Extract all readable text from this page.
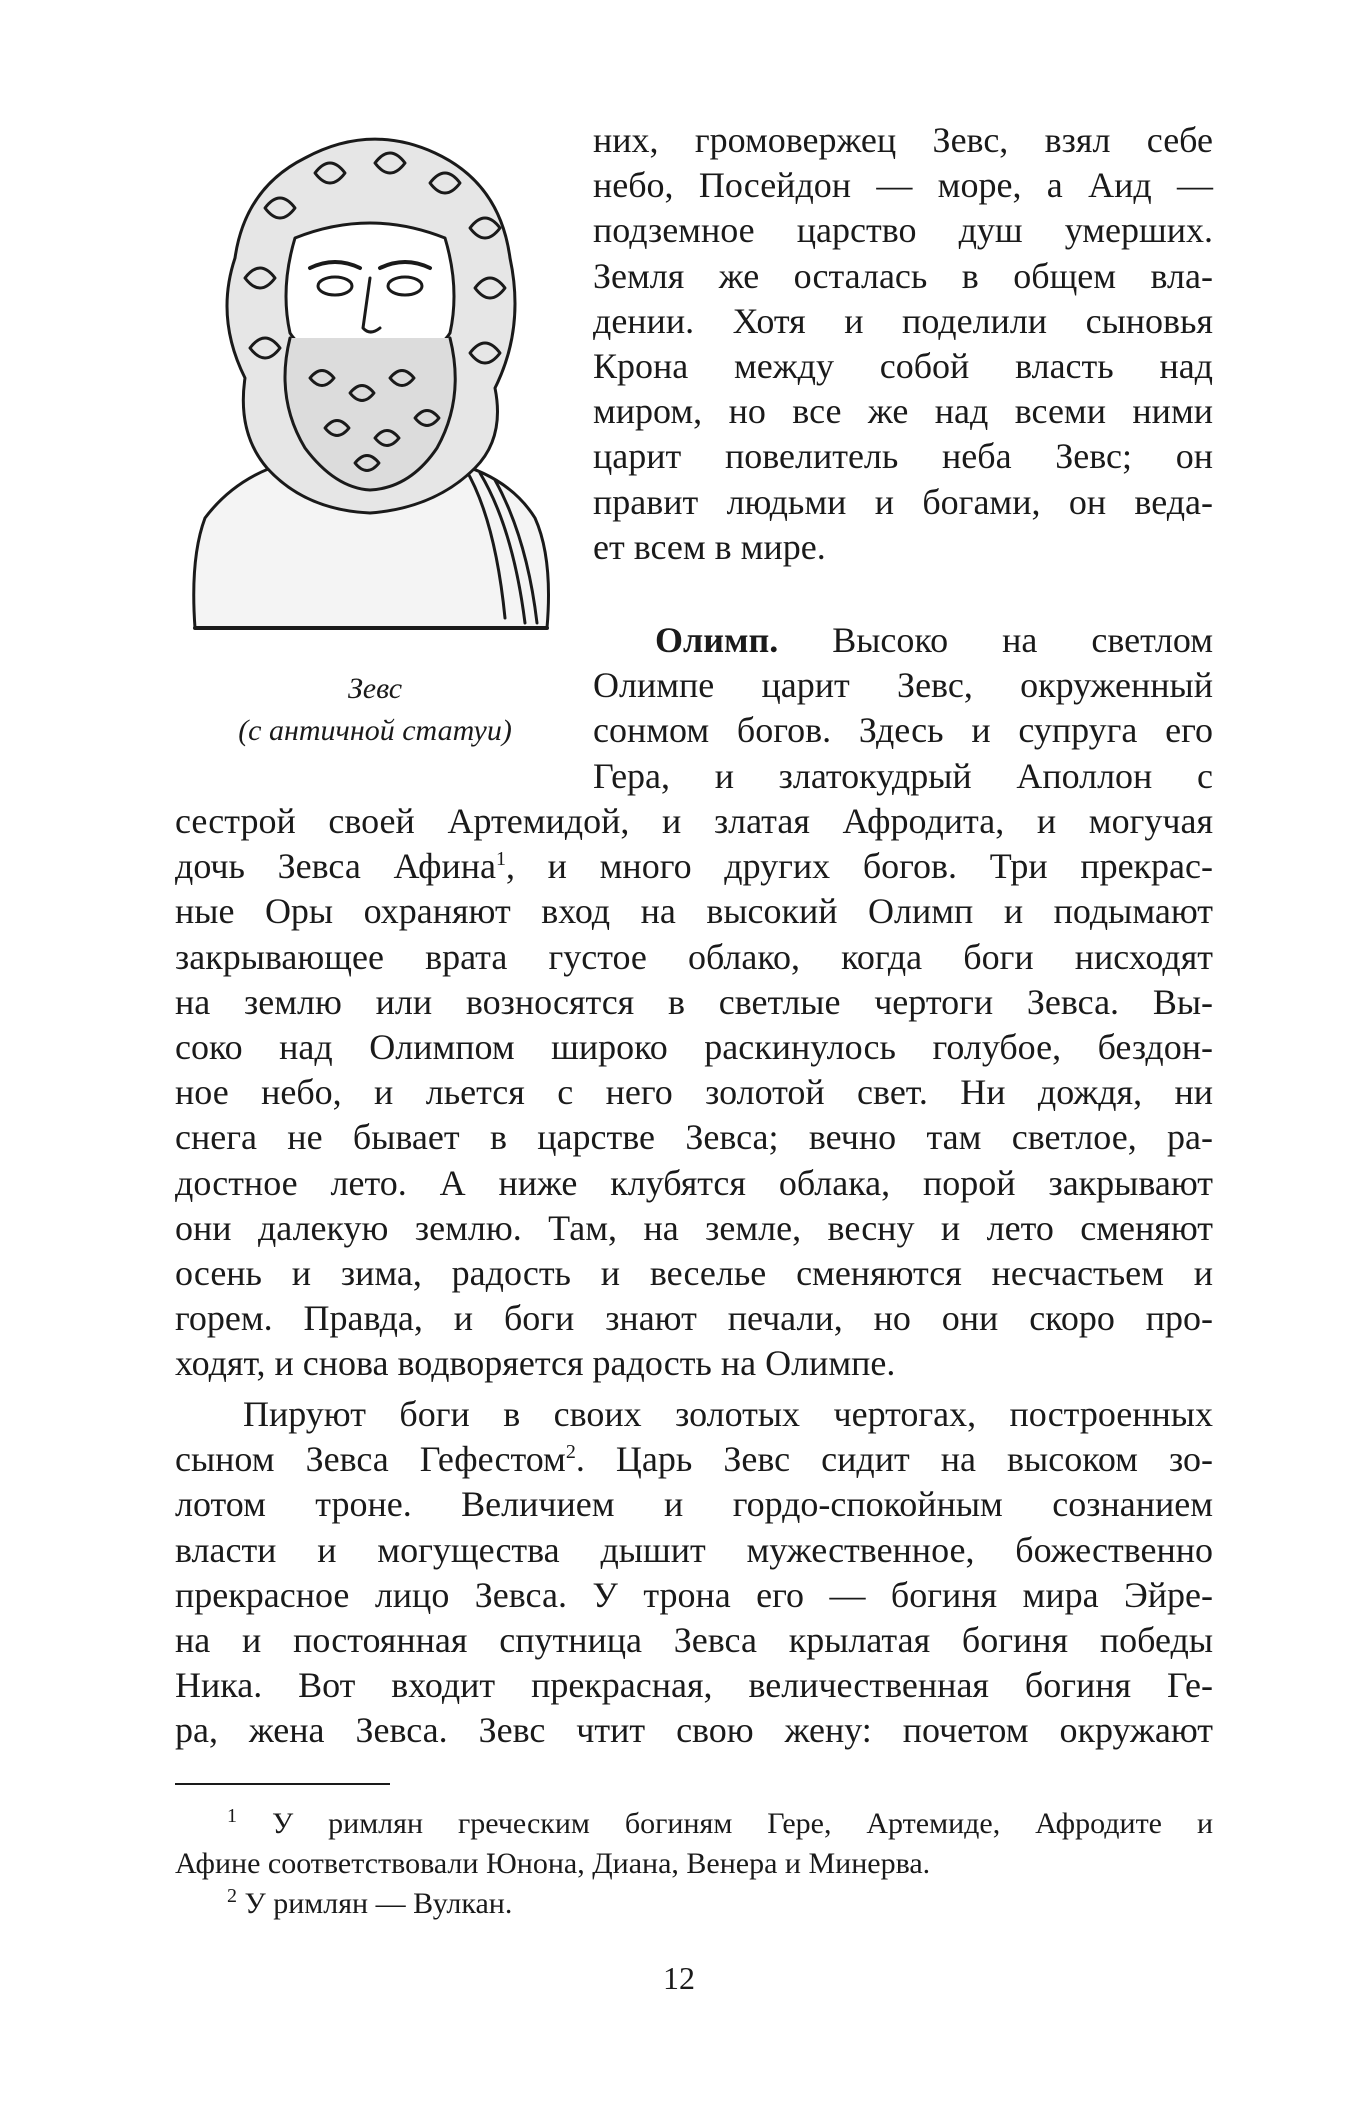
Зевс
(с античной статуи)
них, громовержец Зевс, взял себе
небо, Посейдон — море, а Аид —
подземное царство душ умерших.
Земля же осталась в общем вла-
дении. Хотя и поделили сыновья
Крона между собой власть над
миром, но все же над всеми ними
царит повелитель неба Зевс; он
правит людьми и богами, он веда-
ет всем в мире.
Олимп. Высоко на светлом
Олимпе царит Зевс, окруженный
сонмом богов. Здесь и супруга его
Гера, и златокудрый Аполлон с
сестрой своей Артемидой, и златая Афродита, и могучая
дочь Зевса Афина$^1$, и много других богов. Три прекрас-
ные Оры охраняют вход на высокий Олимп и подымают
закрывающее врата густое облако, когда боги нисходят
на землю или возносятся в светлые чертоги Зевса. Вы-
соко над Олимпом широко раскинулось голубое, бездон-
ное небо, и льется с него золотой свет. Ни дождя, ни
снега не бывает в царстве Зевса; вечно там светлое, ра-
достное лето. А ниже клубятся облака, порой закрывают
они далекую землю. Там, на земле, весну и лето сменяют
осень и зима, радость и веселье сменяются несчастьем и
горем. Правда, и боги знают печали, но они скоро про-
ходят, и снова водворяется радость на Олимпе.
Пируют боги в своих золотых чертогах, построенных
сыном Зевса Гефестом$^2$. Царь Зевс сидит на высоком зо-
лотом троне. Величием и гордо-спокойным сознанием
власти и могущества дышит мужественное, божественно
прекрасное лицо Зевса. У трона его — богиня мира Эйре-
на и постоянная спутница Зевса крылатая богиня победы
Ника. Вот входит прекрасная, величественная богиня Ге-
ра, жена Зевса. Зевс чтит свою жену: почетом окружают
$^1$ У римлян греческим богиням Гере, Артемиде, Афродите и
Афине соответствовали Юнона, Диана, Венера и Минерва.
$^2$ У римлян — Вулкан.
12
